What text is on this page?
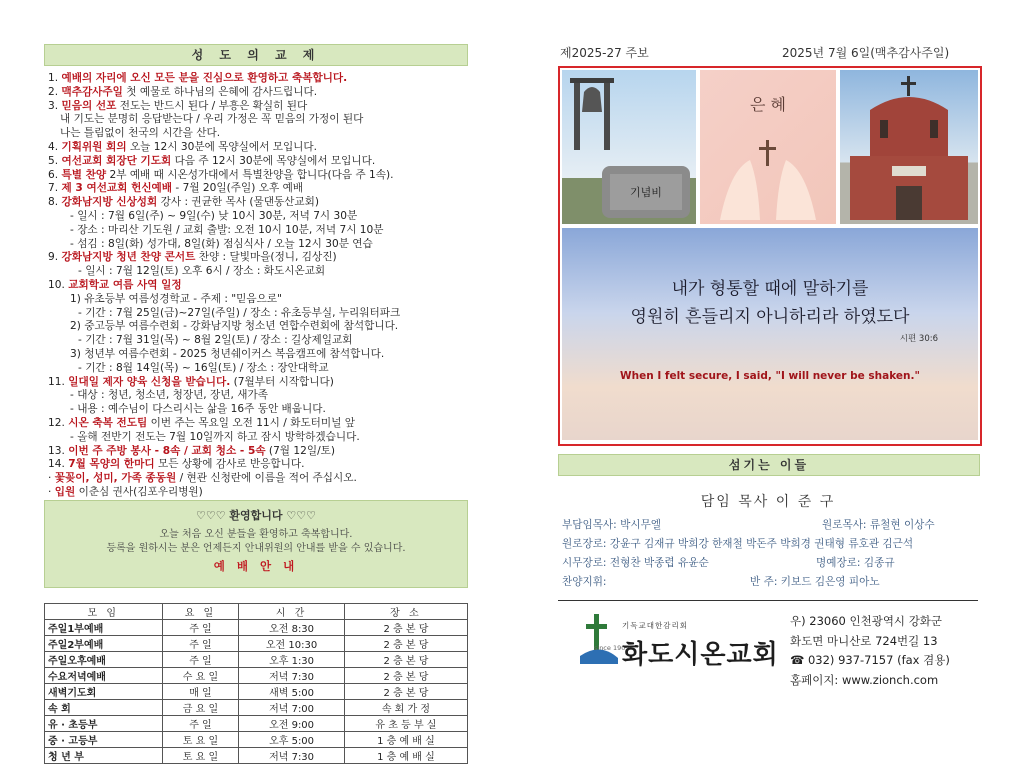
성 도 의 교 제
1. 예배의 자리에 오신 모든 분을 진심으로 환영하고 축복합니다.
2. 맥추감사주일 첫 예물로 하나님의 은혜에 감사드립니다.
3. 믿음의 선포 전도는 반드시 된다 / 부흥은 확실히 된다
내 기도는 분명히 응답받는다 / 우리 가정은 꼭 믿음의 가정이 된다
나는 틀림없이 천국의 시간을 산다.
4. 기획위원 회의 오늘 12시 30분에 목양실에서 모입니다.
5. 여선교회 회장단 기도회 다음 주 12시 30분에 목양실에서 모입니다.
6. 특별 찬양 2부 예배 때 시온성가대에서 특별찬양을 합니다(다음 주 1속).
7. 제 3 여선교회 헌신예배 - 7월 20일(주일) 오후 예배
8. 강화남지방 신상성회 강사 : 권균한 목사 (물댄동산교회)
- 일시 : 7월 6일(주) ~ 9일(수) 낮 10시 30분, 저녁 7시 30분
- 장소 : 마리산 기도원 / 교회 출발: 오전 10시 10분, 저녁 7시 10분
- 섬김 : 8일(화) 성가대, 8일(화) 점심식사 / 오늘 12시 30분 연습
9. 강화남지방 청년 찬양 콘서트 찬양 : 달빛마을(정니, 김상진)
- 일시 : 7월 12일(토) 오후 6시 / 장소 : 화도시온교회
10. 교회학교 여름 사역 일정
1) 유초등부 여름성경학교 - 주제 : "믿음으로"
- 기간 : 7월 25일(금)~27일(주일) / 장소 : 유초등부실, 누리워터파크
2) 중고등부 여름수련회 - 강화남지방 청소년 연합수련회에 참석합니다.
- 기간 : 7월 31일(목) ~ 8월 2일(토) / 장소 : 길상제일교회
3) 청년부 여름수련회 - 2025 청년쉐이커스 복음캠프에 참석합니다.
- 기간 : 8월 14일(목) ~ 16일(토) / 장소 : 장안대학교
11. 일대일 제자 양육 신청을 받습니다. (7월부터 시작합니다)
- 대상 : 청년, 청소년, 청장년, 장년, 새가족
- 내용 : 예수님이 다스리시는 삶을 16주 동안 배웁니다.
12. 시온 축복 전도팀 이번 주는 목요일 오전 11시 / 화도터미널 앞
- 올해 전반기 전도는 7월 10일까지 하고 잠시 방학하겠습니다.
13. 이번 주 주방 봉사 - 8속 / 교회 청소 - 5속 (7월 12일/토)
14. 7월 목양의 한마디 모든 상황에 감사로 반응합니다.
· 꽃꽂이, 성미, 가족 종동원 / 현관 신청란에 이름을 적어 주십시오.
· 입원 이춘심 권사(김포우리병원)
♡♡♡ 환영합니다 ♡♡♡
오늘 처음 오신 분들을 환영하고 축복합니다.
등록을 원하시는 분은 언제든지 안내위원의 안내를 받을 수 있습니다.
예 배 안 내
모 임	요 일	시 간	장 소
주일1부예배	주 일	오전 8:30	2 층 본 당
주일2부예배	주 일	오전 10:30	2 층 본 당
주일오후예배	주 일	오후 1:30	2 층 본 당
수요저녁예배	수 요 일	저녁 7:30	2 층 본 당
새벽기도회	매 일	새벽 5:00	2 층 본 당
속 회	금 요 일	저녁 7:00	속 회 가 정
유 · 초등부	주 일	오전 9:00	유 초 등 부 실
중 · 고등부	토 요 일	오후 5:00	1 층 예 배 실
청 년 부	토 요 일	저녁 7:30	1 층 예 배 실
제2025-27 주보	2025년 7월 6일(맥추감사주일)
기념비
은 혜
내가 형통할 때에 말하기를
영원히 흔들리지 아니하리라 하였도다
시편 30:6
When I felt secure, I said, "I will never be shaken."
섬기는 이들
담임 목사 이 준 구
부담임목사: 박시무엘	원로목사: 류철현 이상수
원로장로: 강윤구 김재규 박희강 한재철 박돈주 박희경 권태형 류호관 김근석
시무장로: 전형찬 박종렵 유윤순	명예장로: 김종규
찬양지휘:	반 주: 키보드 김은영 피아노
기독교대한감리회
since 1905
화도시온교회
우) 23060 인천광역시 강화군
화도면 마니산로 724번길 13
☎ 032) 937-7157 (fax 겸용)
홈페이지: www.zionch.com
